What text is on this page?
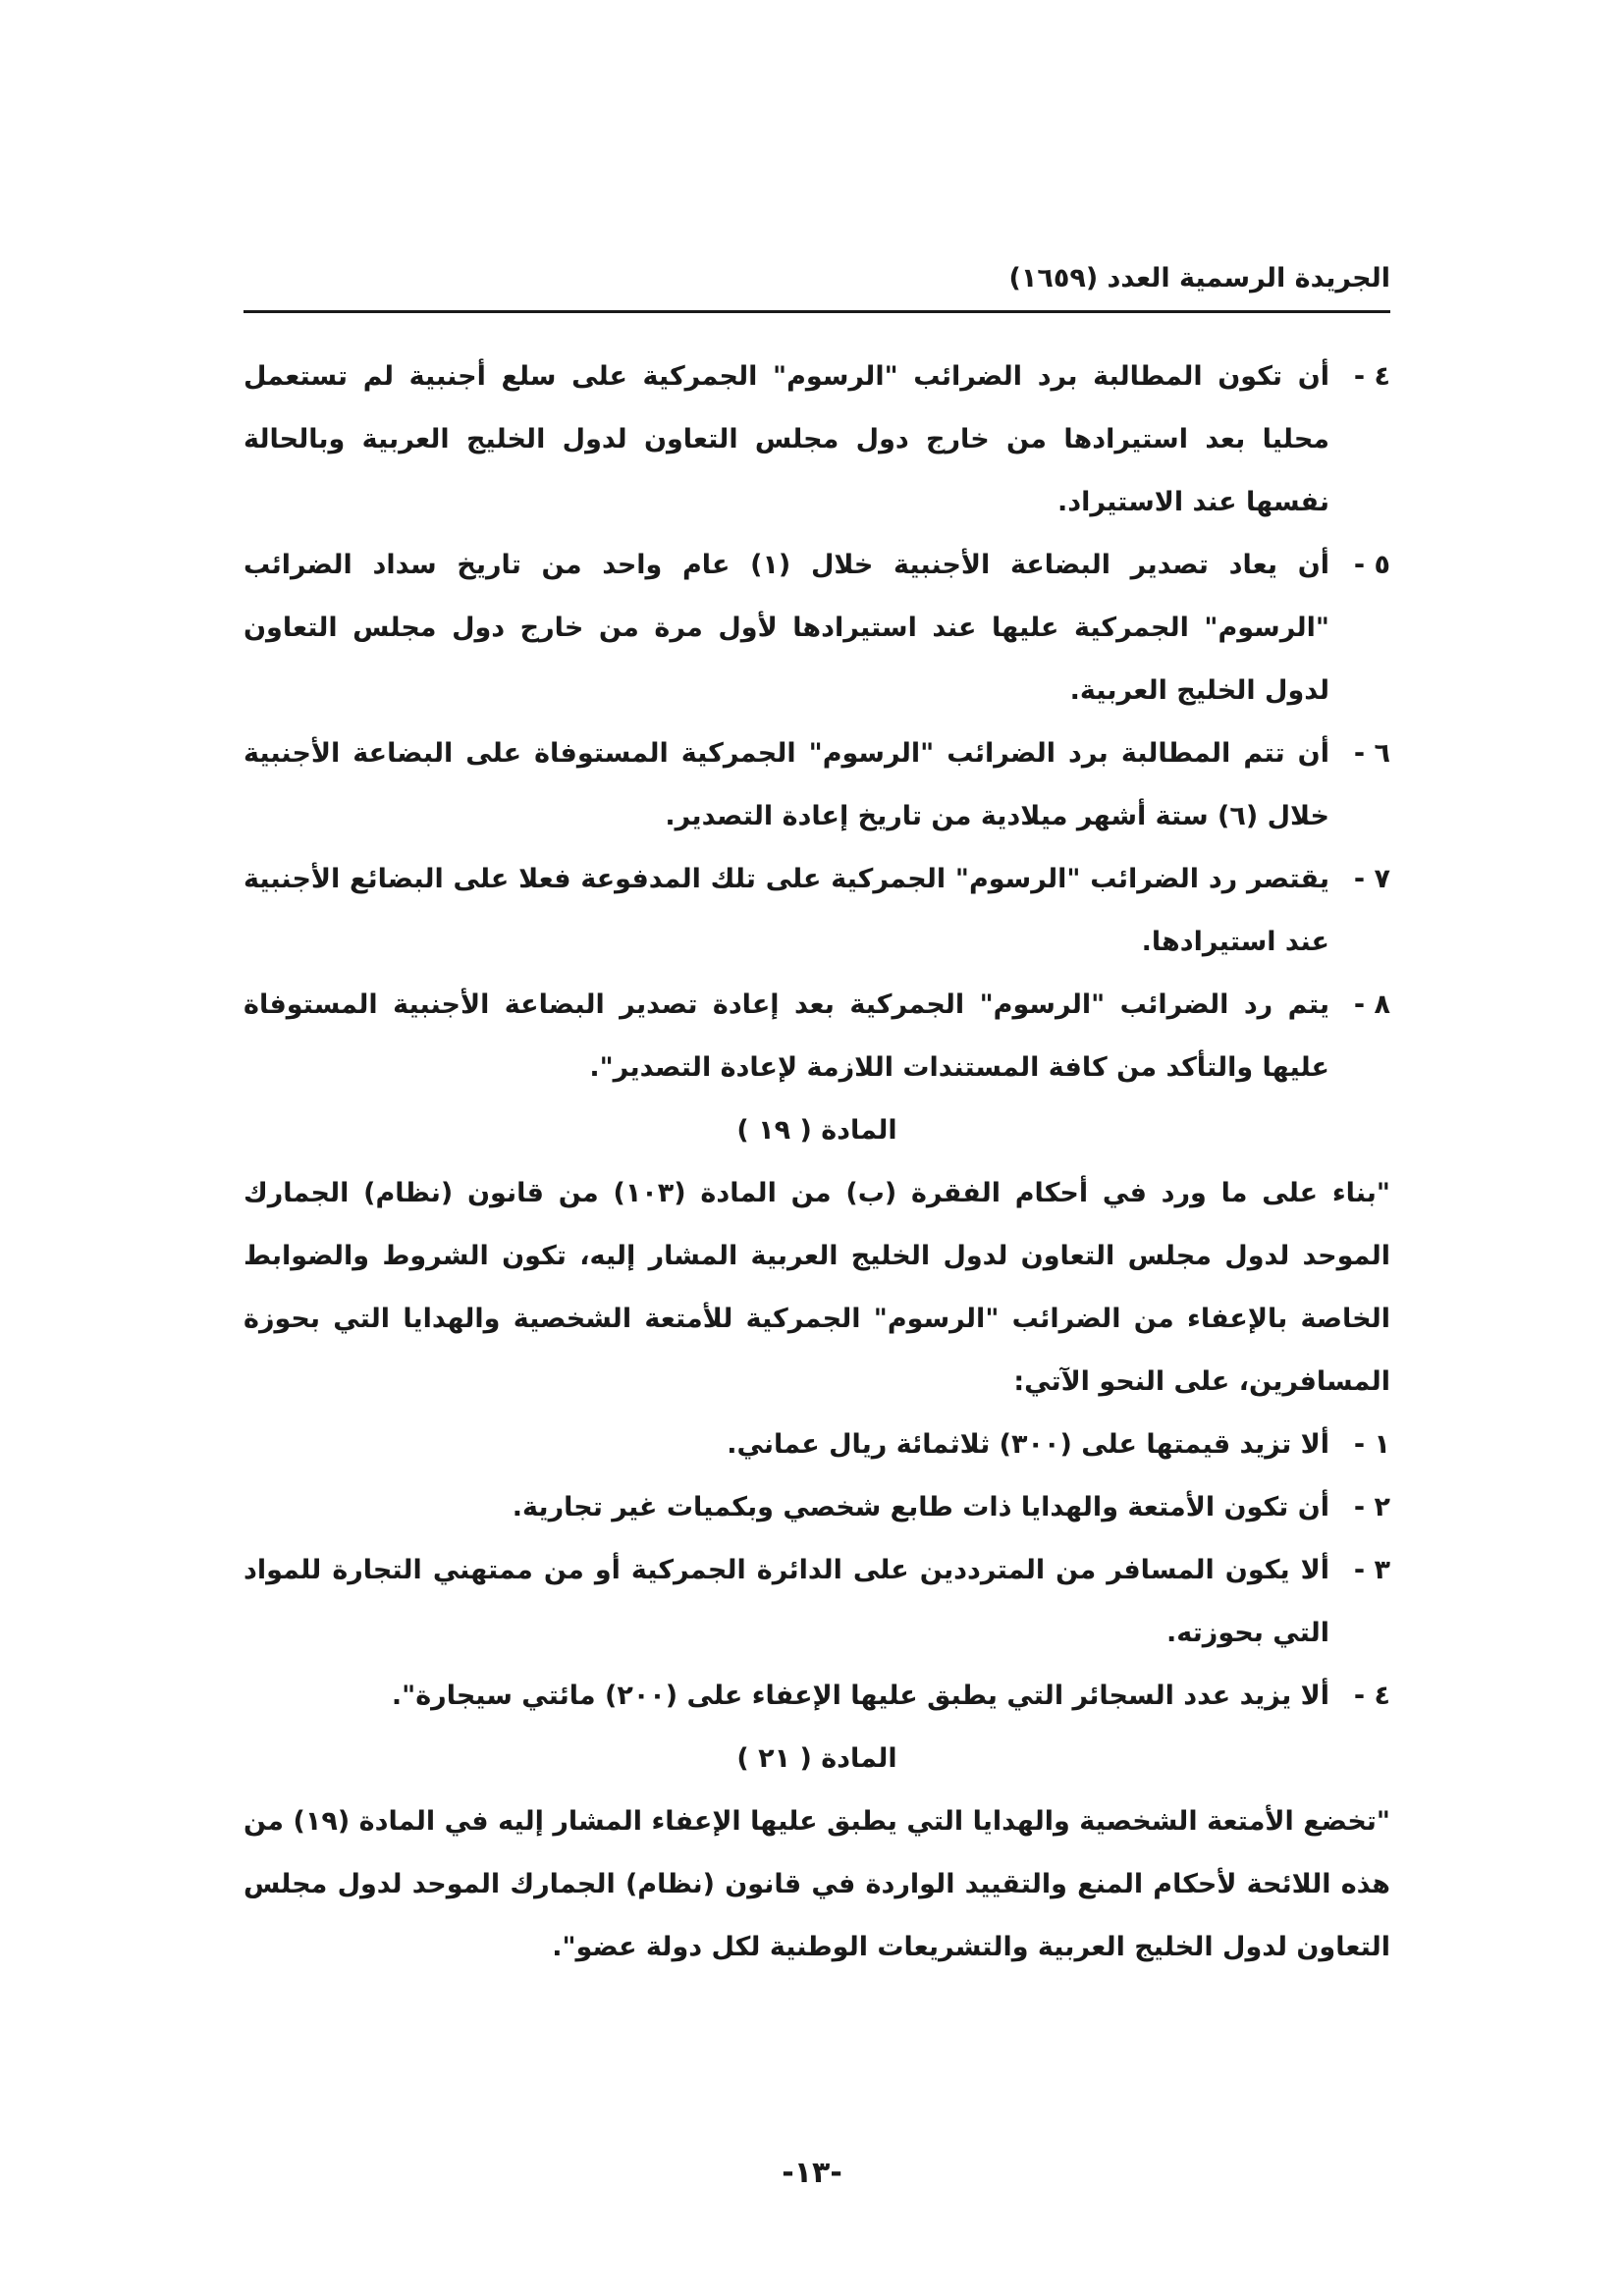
الجريدة الرسمية العدد (١٦٥٩)
٤ -
أن تكون المطالبة برد الضرائب "الرسوم" الجمركية على سلع أجنبية لم تستعمل محليا بعد استيرادها من خارج دول مجلس التعاون لدول الخليج العربية وبالحالة نفسها عند الاستيراد.
٥ -
أن يعاد تصدير البضاعة الأجنبية خلال (١) عام واحد من تاريخ سداد الضرائب "الرسوم" الجمركية عليها عند استيرادها لأول مرة من خارج دول مجلس التعاون لدول الخليج العربية.
٦ -
أن تتم المطالبة برد الضرائب "الرسوم" الجمركية المستوفاة على البضاعة الأجنبية خلال (٦) ستة أشهر ميلادية من تاريخ إعادة التصدير.
٧ -
يقتصر رد الضرائب "الرسوم" الجمركية على تلك المدفوعة فعلا على البضائع الأجنبية عند استيرادها.
٨ -
يتم رد الضرائب "الرسوم" الجمركية بعد إعادة تصدير البضاعة الأجنبية المستوفاة عليها والتأكد من كافة المستندات اللازمة لإعادة التصدير".

المادة ( ١٩ )

"بناء على ما ورد في أحكام الفقرة (ب) من المادة (١٠٣) من قانون (نظام) الجمارك الموحد لدول مجلس التعاون لدول الخليج العربية المشار إليه، تكون الشروط والضوابط الخاصة بالإعفاء من الضرائب "الرسوم" الجمركية للأمتعة الشخصية والهدايا التي بحوزة المسافرين، على النحو الآتي:

١ -
ألا تزيد قيمتها على (٣٠٠) ثلاثمائة ريال عماني.
٢ -
أن تكون الأمتعة والهدايا ذات طابع شخصي وبكميات غير تجارية.
٣ -
ألا يكون المسافر من المترددين على الدائرة الجمركية أو من ممتهني التجارة للمواد التي بحوزته.
٤ -
ألا يزيد عدد السجائر التي يطبق عليها الإعفاء على (٢٠٠) مائتي سيجارة".

المادة ( ٢١ )

"تخضع الأمتعة الشخصية والهدايا التي يطبق عليها الإعفاء المشار إليه في المادة (١٩) من هذه اللائحة لأحكام المنع والتقييد الواردة في قانون (نظام) الجمارك الموحد لدول مجلس التعاون لدول الخليج العربية والتشريعات الوطنية لكل دولة عضو".

-١٣-
